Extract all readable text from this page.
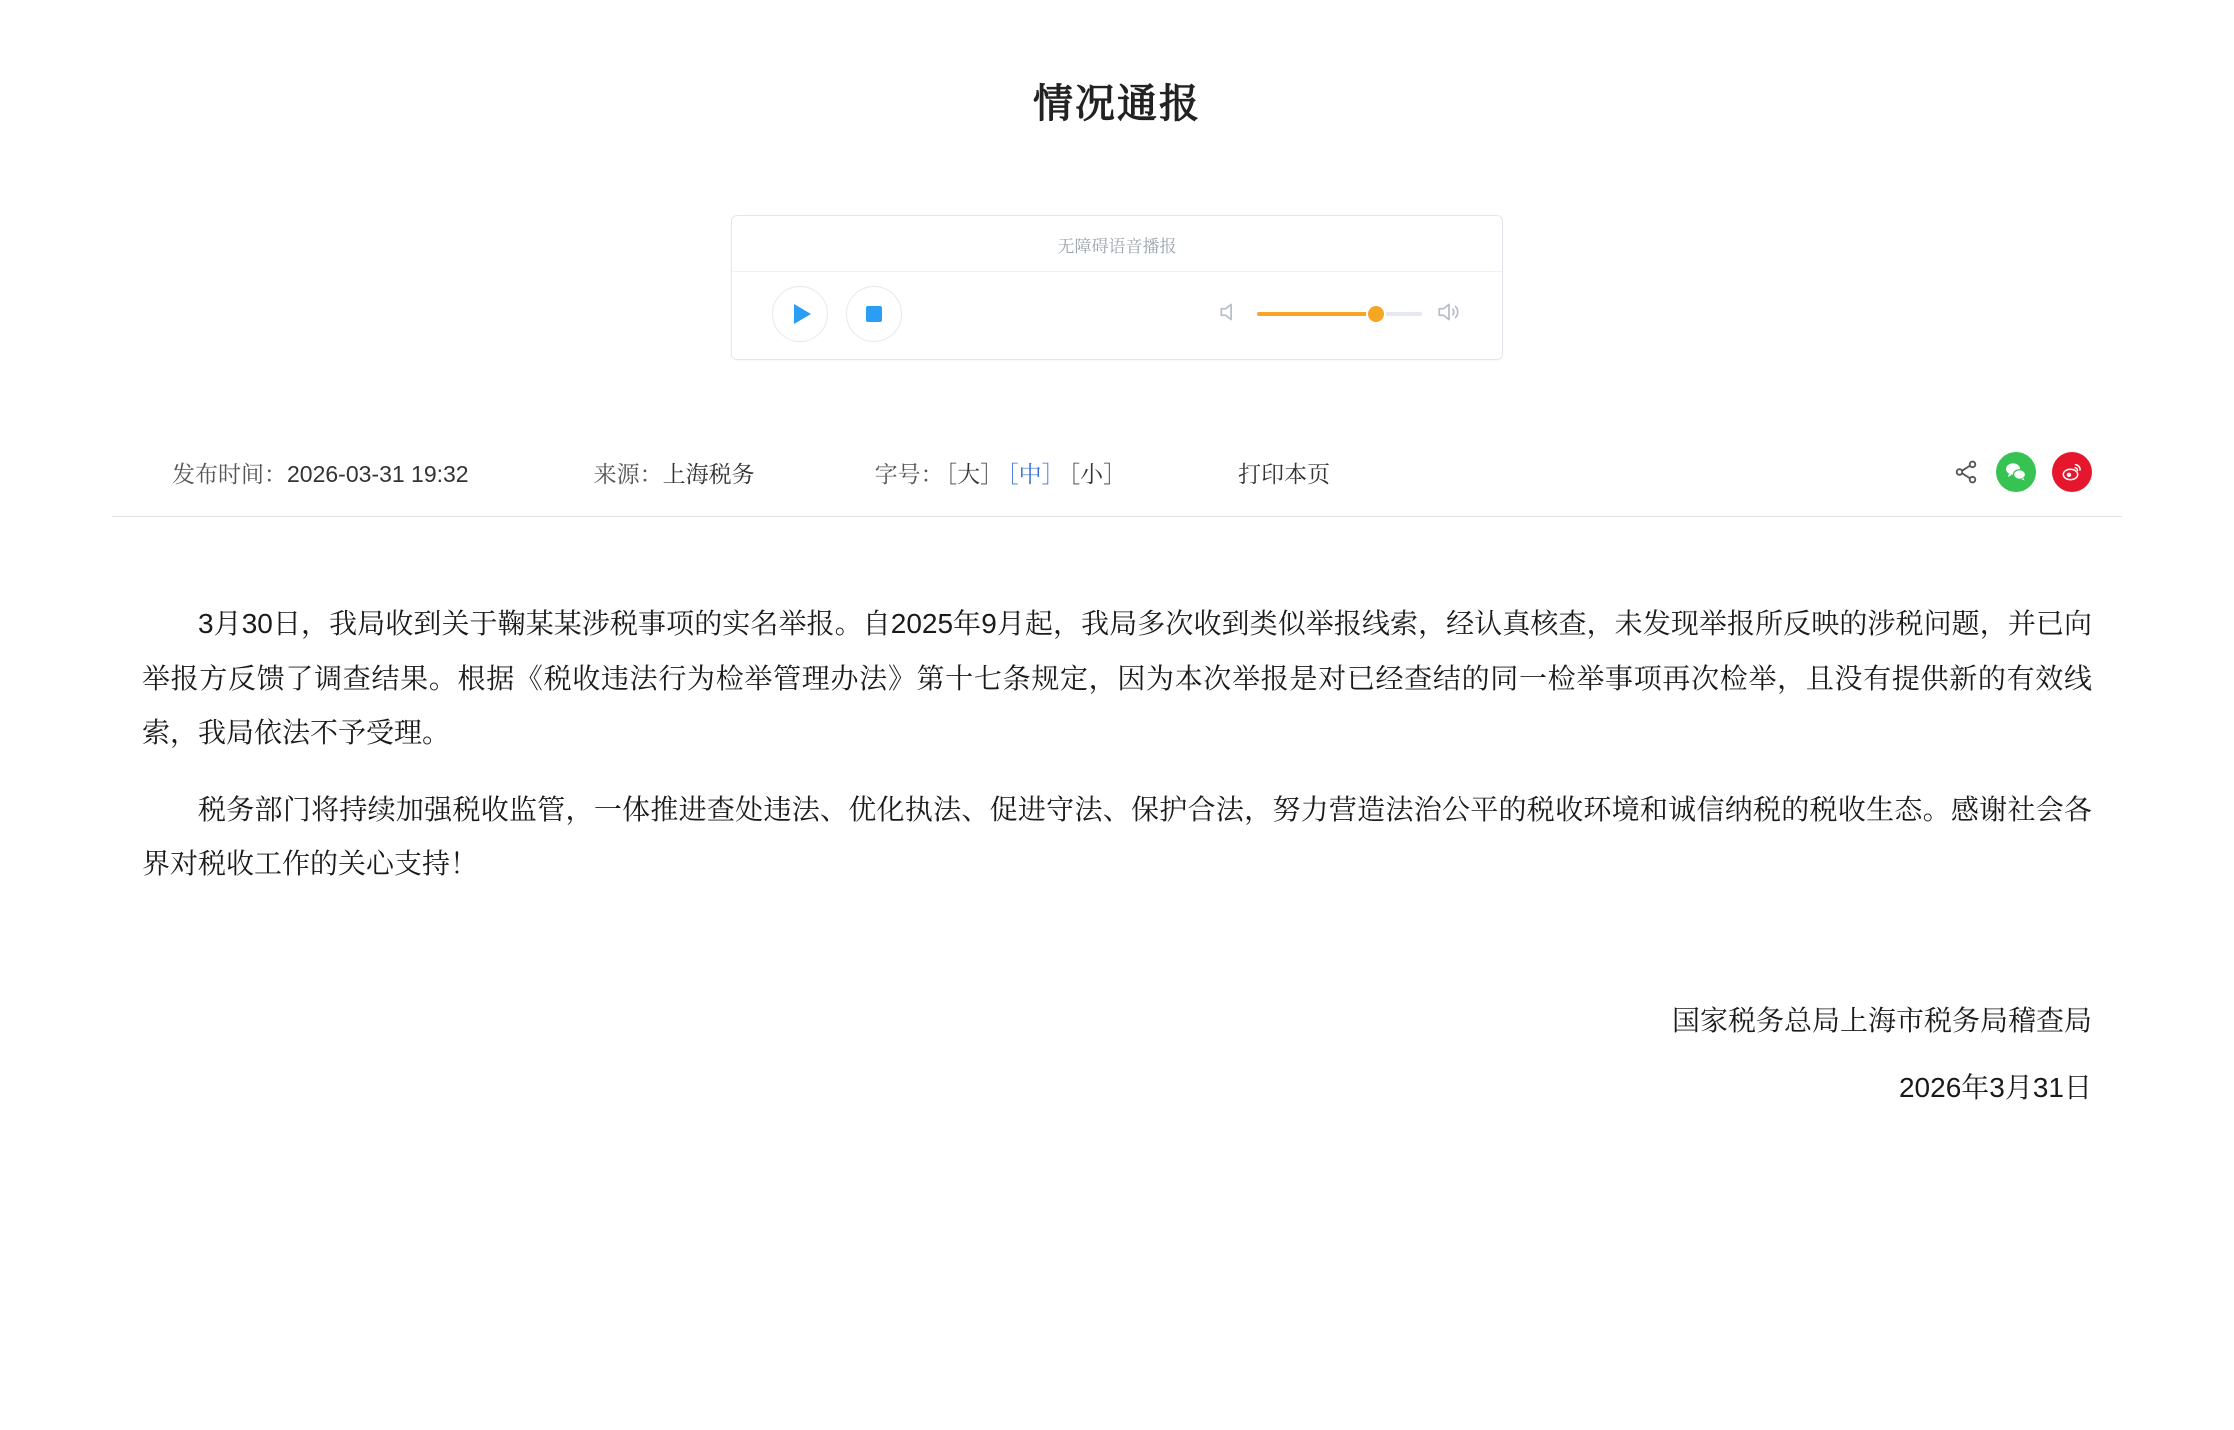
情况通报
无障碍语音播报
发布时间：2026-03-31 19:32	来源：上海税务	字号：［大］ ［中］ ［小］	打印本页

3月30日，我局收到关于鞠某某涉税事项的实名举报。自2025年9月起，我局多次收到类似举报线索，经认真核查，未发现举报所反映的涉税问题，并已向举报方反馈了调查结果。根据《税收违法行为检举管理办法》第十七条规定，因为本次举报是对已经查结的同一检举事项再次检举，且没有提供新的有效线索，我局依法不予受理。

税务部门将持续加强税收监管，一体推进查处违法、优化执法、促进守法、保护合法，努力营造法治公平的税收环境和诚信纳税的税收生态。感谢社会各界对税收工作的关心支持！

国家税务总局上海市税务局稽查局
2026年3月31日
